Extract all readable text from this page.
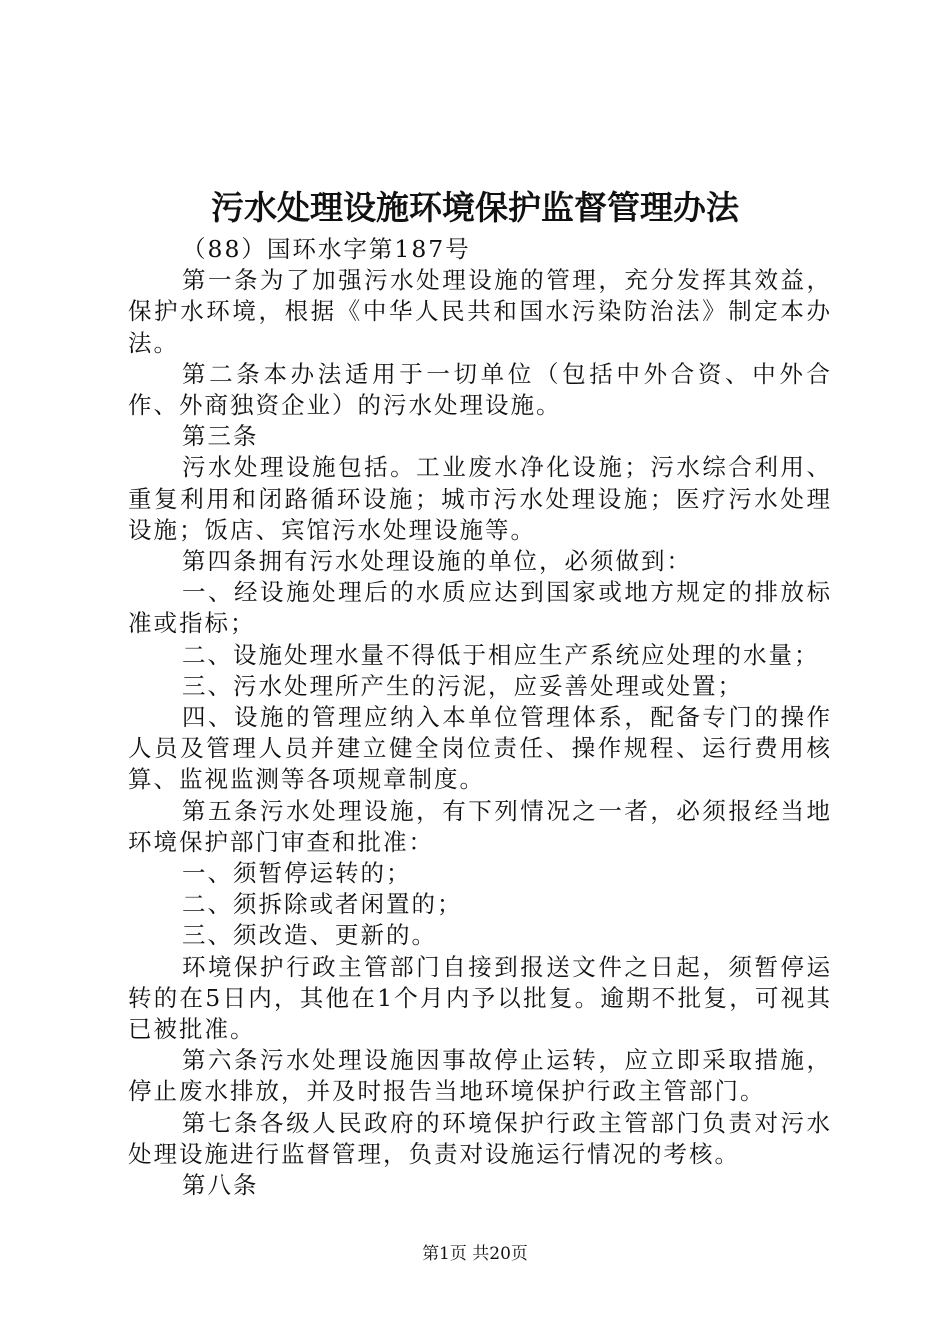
污水处理设施环境保护监督管理办法

（88）国环水字第187号

第一条为了加强污水处理设施的管理，充分发挥其效益，保护水环境，根据《中华人民共和国水污染防治法》制定本办法。

第二条本办法适用于一切单位（包括中外合资、中外合作、外商独资企业）的污水处理设施。

第三条

污水处理设施包括。工业废水净化设施；污水综合利用、重复利用和闭路循环设施；城市污水处理设施；医疗污水处理设施；饭店、宾馆污水处理设施等。

第四条拥有污水处理设施的单位，必须做到：

一、经设施处理后的水质应达到国家或地方规定的排放标准或指标；

二、设施处理水量不得低于相应生产系统应处理的水量；

三、污水处理所产生的污泥，应妥善处理或处置；

四、设施的管理应纳入本单位管理体系，配备专门的操作人员及管理人员并建立健全岗位责任、操作规程、运行费用核算、监视监测等各项规章制度。

第五条污水处理设施，有下列情况之一者，必须报经当地环境保护部门审查和批准：

一、须暂停运转的；

二、须拆除或者闲置的；

三、须改造、更新的。

环境保护行政主管部门自接到报送文件之日起，须暂停运转的在5日内，其他在1个月内予以批复。逾期不批复，可视其已被批准。

第六条污水处理设施因事故停止运转，应立即采取措施，停止废水排放，并及时报告当地环境保护行政主管部门。

第七条各级人民政府的环境保护行政主管部门负责对污水处理设施进行监督管理，负责对设施运行情况的考核。

第八条

第1页 共20页
